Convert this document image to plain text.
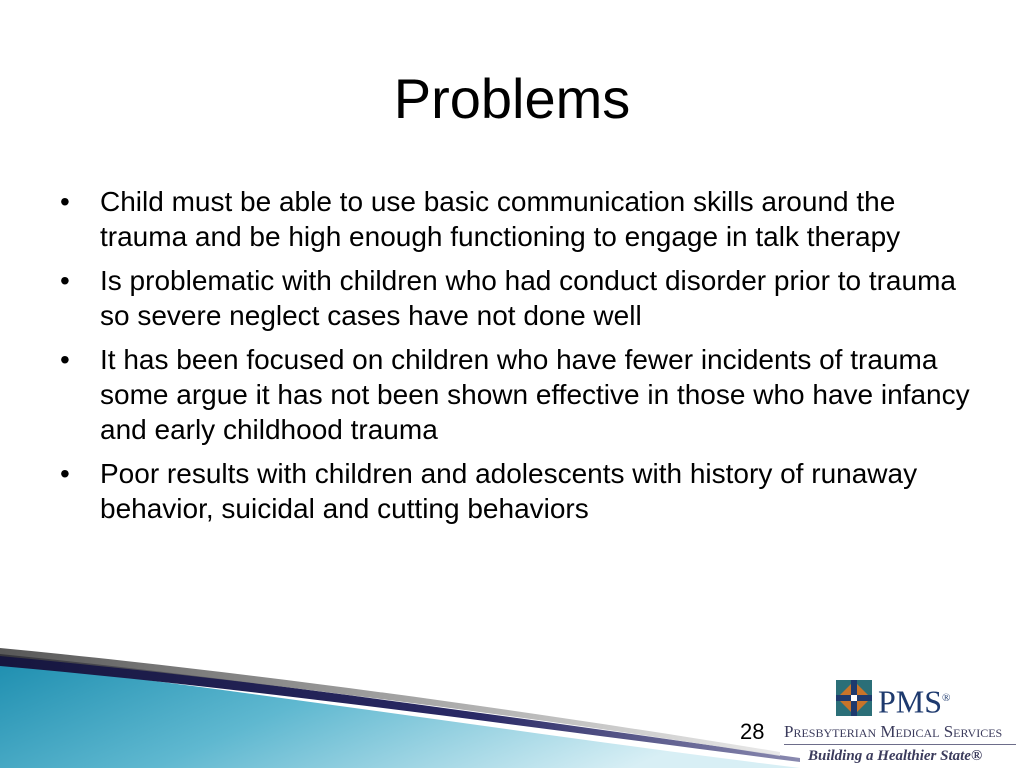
Problems
• Child must be able to use basic communication skills around the trauma and be high enough functioning to engage in talk therapy
• Is problematic with children who had conduct disorder prior to trauma so severe neglect cases have not done well
• It has been focused on children who have fewer incidents of trauma some argue it has not been shown effective in those who have infancy and early childhood trauma
• Poor results with children and adolescents with history of runaway behavior, suicidal and cutting behaviors
28
PMS®
Presbyterian Medical Services
Building a Healthier State®
